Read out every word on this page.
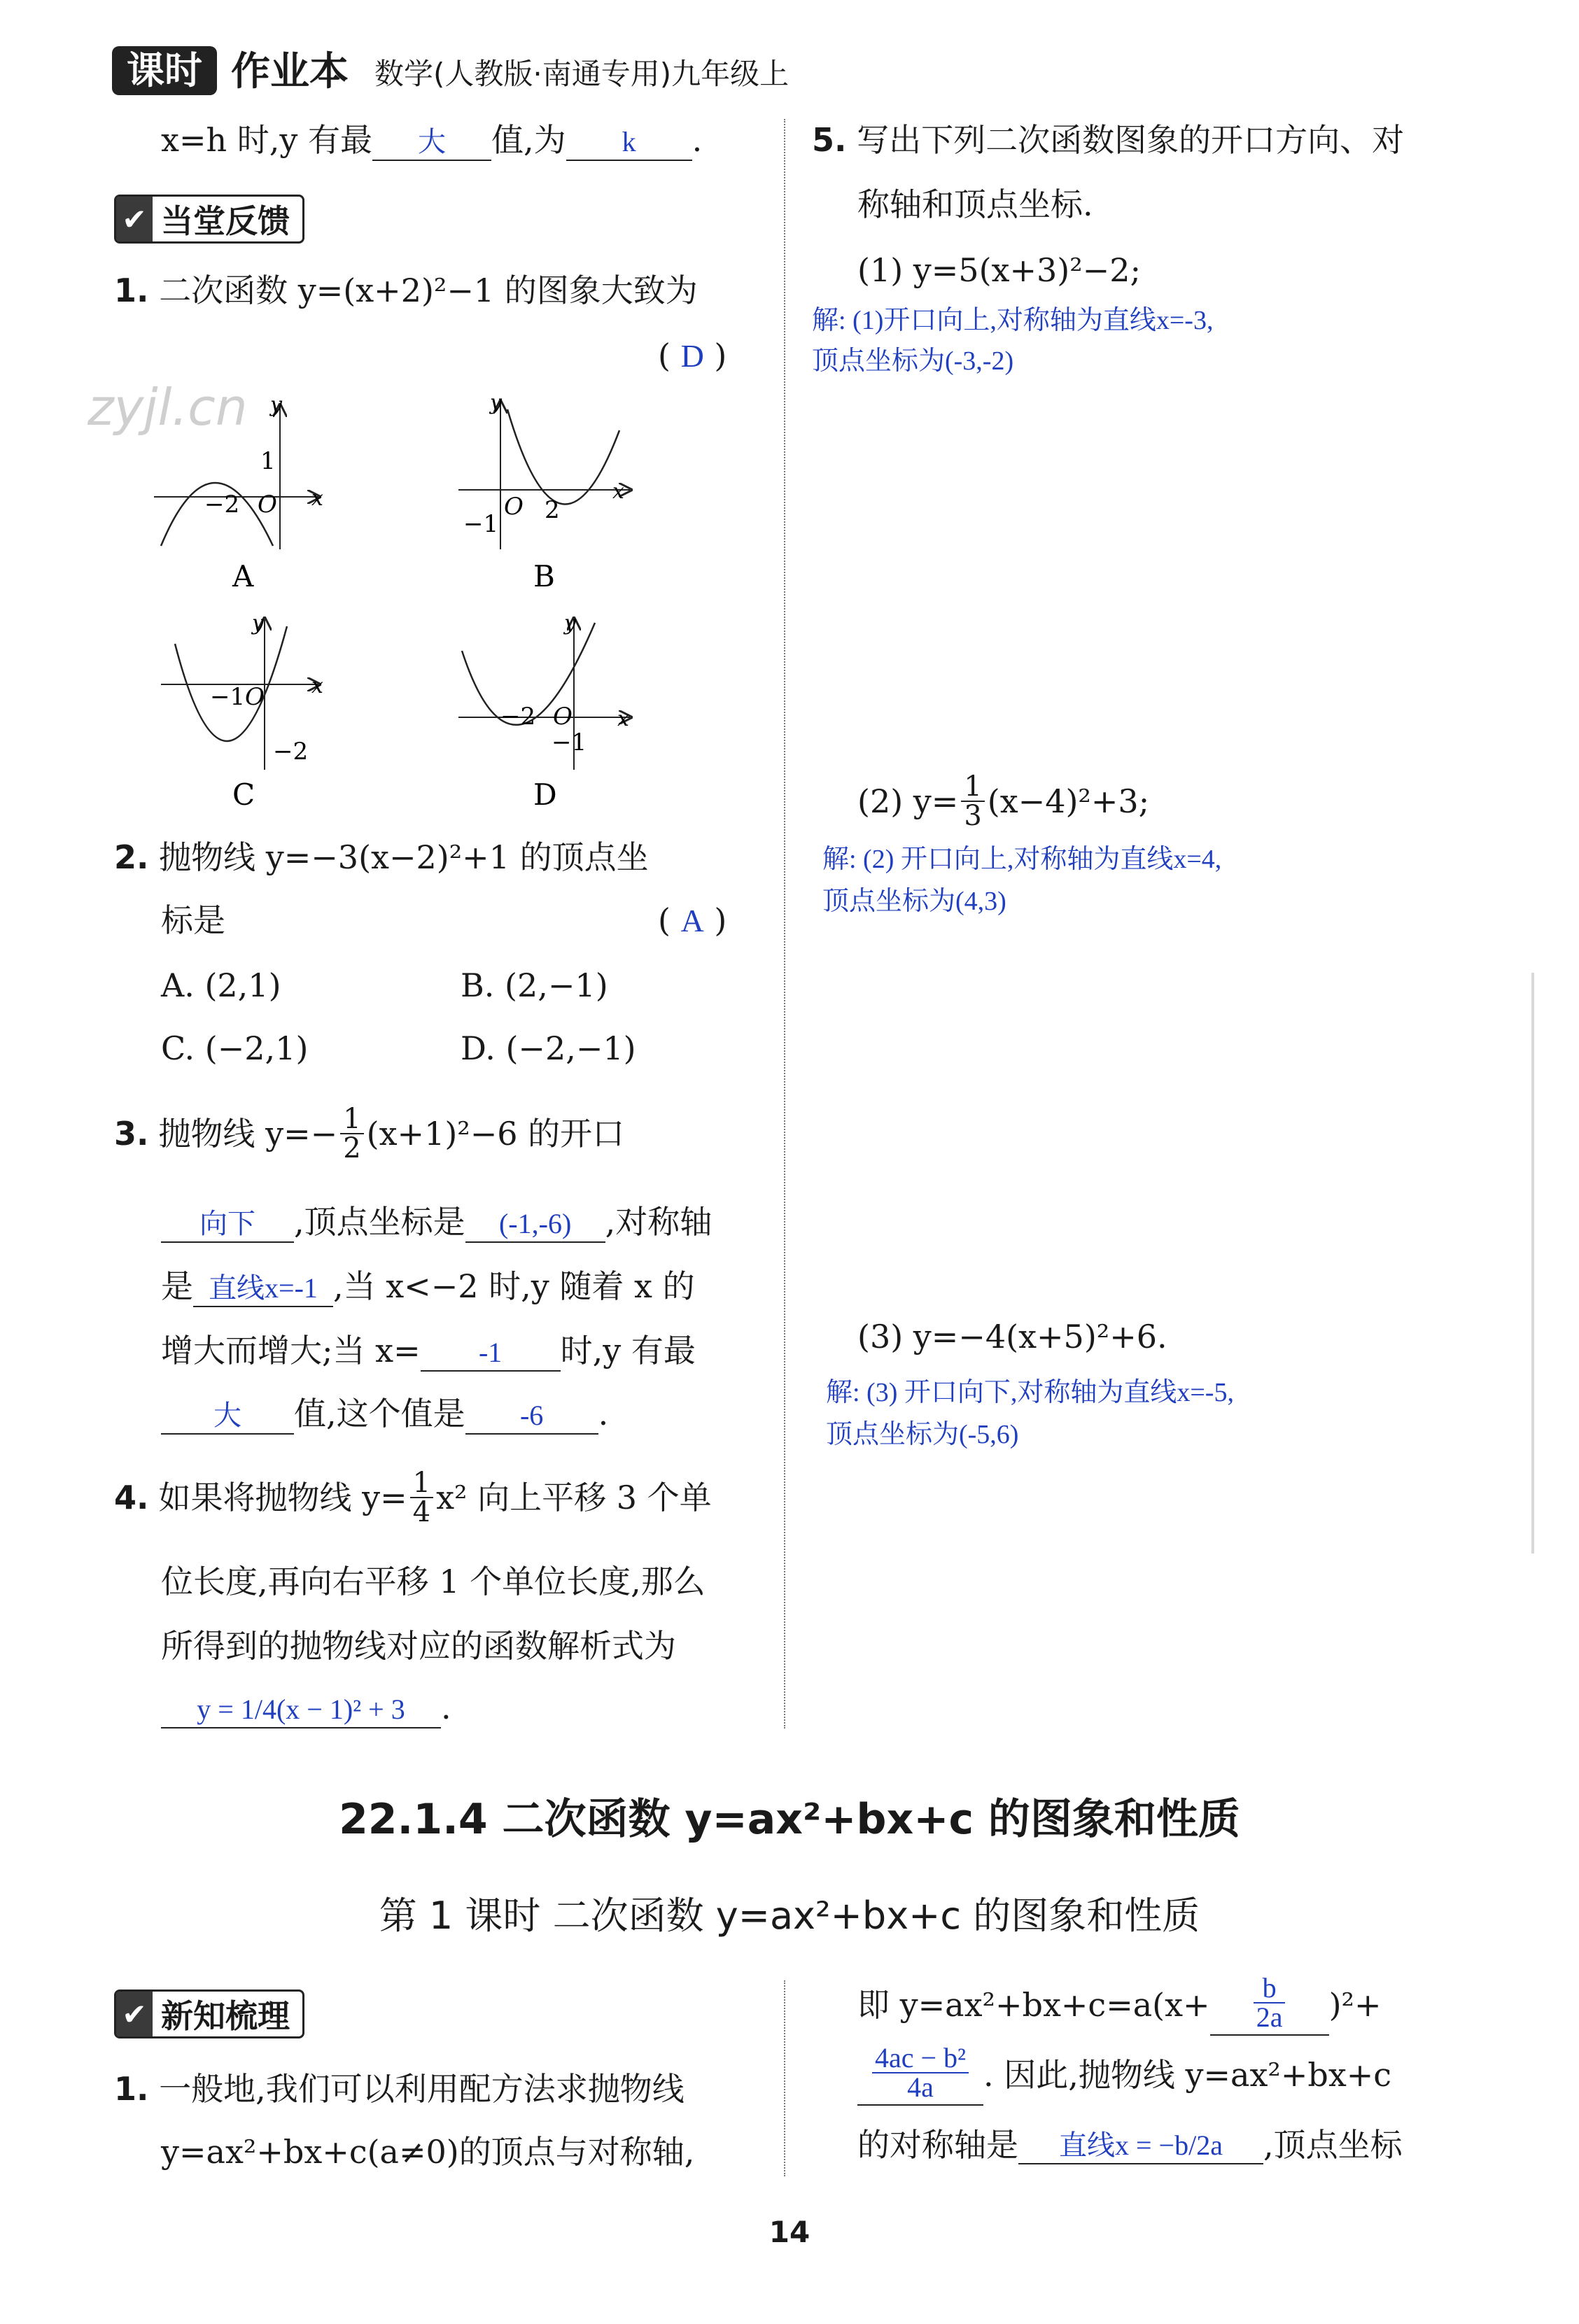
课时 作业本 数学(人教版·南通专用)九年级上
x=h 时,y 有最 大 值,为 k .
✔ 当堂反馈
1. 二次函数 y=(x+2)²−1 的图象大致为
( D )
zyjl.cn
−2 O
1
x
y
A
O 2
−1
x
y
B
−1 O
−2
x
y
C
−2 O
−1
x
y
D
2. 抛物线 y=−3(x−2)²+1 的顶点坐
标是	( A )
A. (2,1)	B. (2,−1)
C. (−2,1)	D. (−2,−1)
3. 抛物线 $y=- \frac{1}{2} (x+1)^2-6$ 的开口
向下 ,顶点坐标是 (-1,-6) ,对称轴
是 直线x=-1 ,当 x<−2 时,y 随着 x 的
增大而增大;当 x= -1 时,y 有最
大 值,这个值是 -6 .
4. 如果将抛物线 $y= \frac{1}{4} x^2$ 向上平移 3 个单
位长度,再向右平移 1 个单位长度,那么
所得到的抛物线对应的函数解析式为
y = 1/4(x − 1)² + 3 .
5. 写出下列二次函数图象的开口方向、对
称轴和顶点坐标.
(1) y=5(x+3)²−2;
解: (1)开口向上,对称轴为直线x=-3,
顶点坐标为(-3,-2)
(2) $y= \frac{1}{3} (x-4)^2+3$;
解: (2) 开口向上,对称轴为直线x=4,
顶点坐标为(4,3)
(3) y=−4(x+5)²+6.
解: (3) 开口向下,对称轴为直线x=-5,
顶点坐标为(-5,6)
22.1.4 二次函数 y=ax²+bx+c 的图象和性质
第 1 课时 二次函数 y=ax²+bx+c 的图象和性质
✔ 新知梳理
1. 一般地,我们可以利用配方法求抛物线
y=ax²+bx+c(a≠0)的顶点与对称轴,
即 $y=ax^2+bx+c=a(x+ \frac{b}{2a} )^2+$
$\frac{\text{4ac − b²}}{4a}$ . 因此,抛物线 y=ax²+bx+c
的对称轴是	直线x = −b/2a	,顶点坐标
14
